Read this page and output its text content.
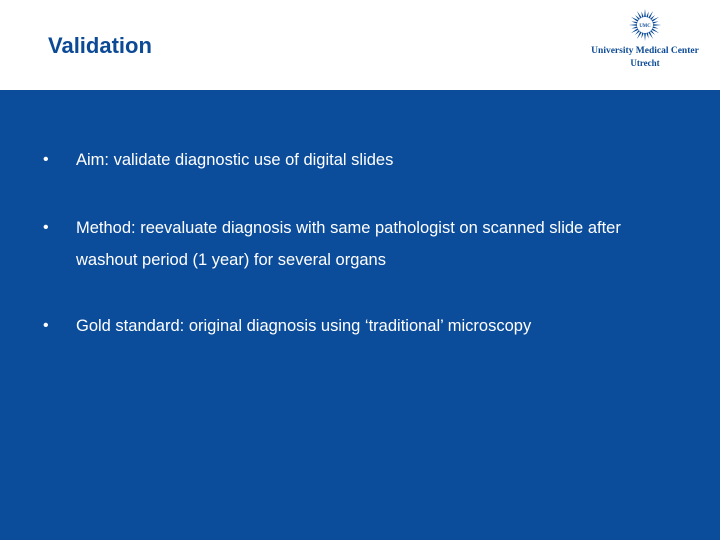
Validation
UMC
University Medical Center
Utrecht
• Aim: validate diagnostic use of digital slides
• Method: reevaluate diagnosis with same pathologist on scanned slide after washout period (1 year) for several organs
• Gold standard: original diagnosis using ‘traditional’ microscopy
